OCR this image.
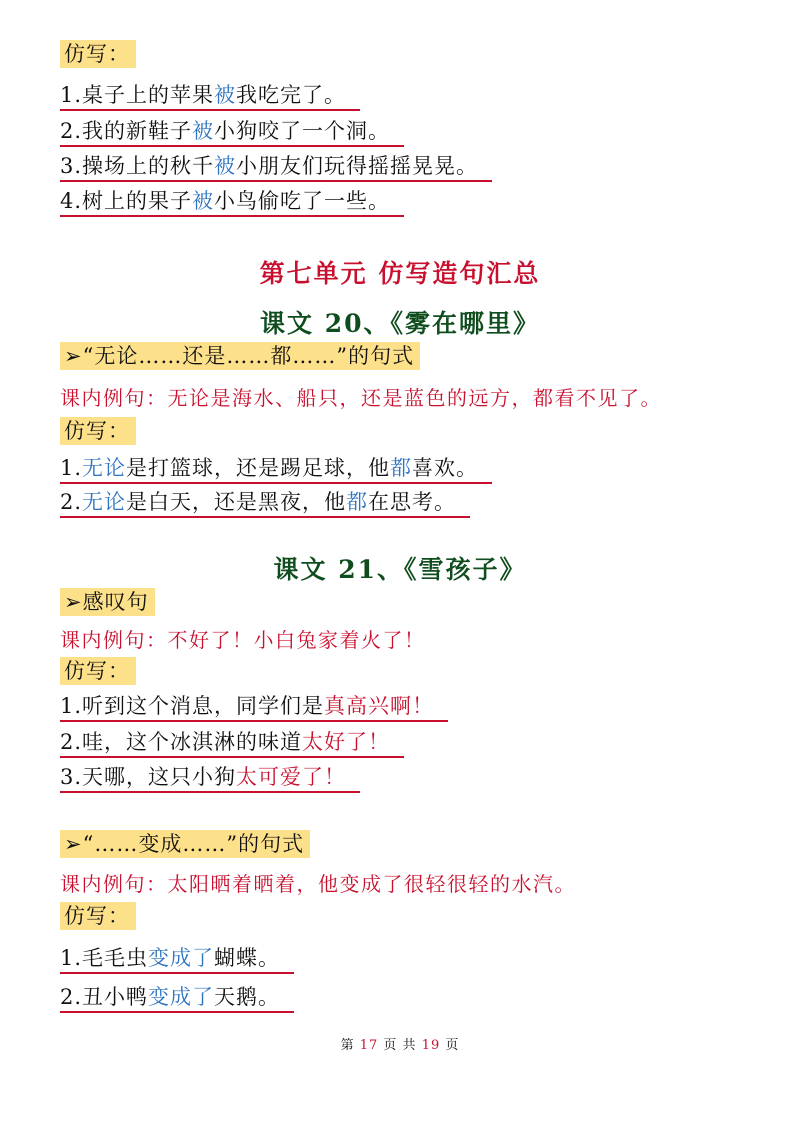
仿写：
1.桌子上的苹果被我吃完了。
2.我的新鞋子被小狗咬了一个洞。
3.操场上的秋千被小朋友们玩得摇摇晃晃。
4.树上的果子被小鸟偷吃了一些。
第七单元 仿写造句汇总
课文 20、《雾在哪里》
➢“无论……还是……都……”的句式
课内例句：无论是海水、船只，还是蓝色的远方，都看不见了。
仿写：
1.无论是打篮球，还是踢足球，他都喜欢。
2.无论是白天，还是黑夜，他都在思考。
课文 21、《雪孩子》
➢感叹句
课内例句：不好了！小白兔家着火了！
仿写：
1.听到这个消息，同学们是真高兴啊！
2.哇，这个冰淇淋的味道太好了！
3.天哪，这只小狗太可爱了！
➢“……变成……”的句式
课内例句：太阳晒着晒着，他变成了很轻很轻的水汽。
仿写：
1.毛毛虫变成了蝴蝶。
2.丑小鸭变成了天鹅。
第 17 页 共 19 页
